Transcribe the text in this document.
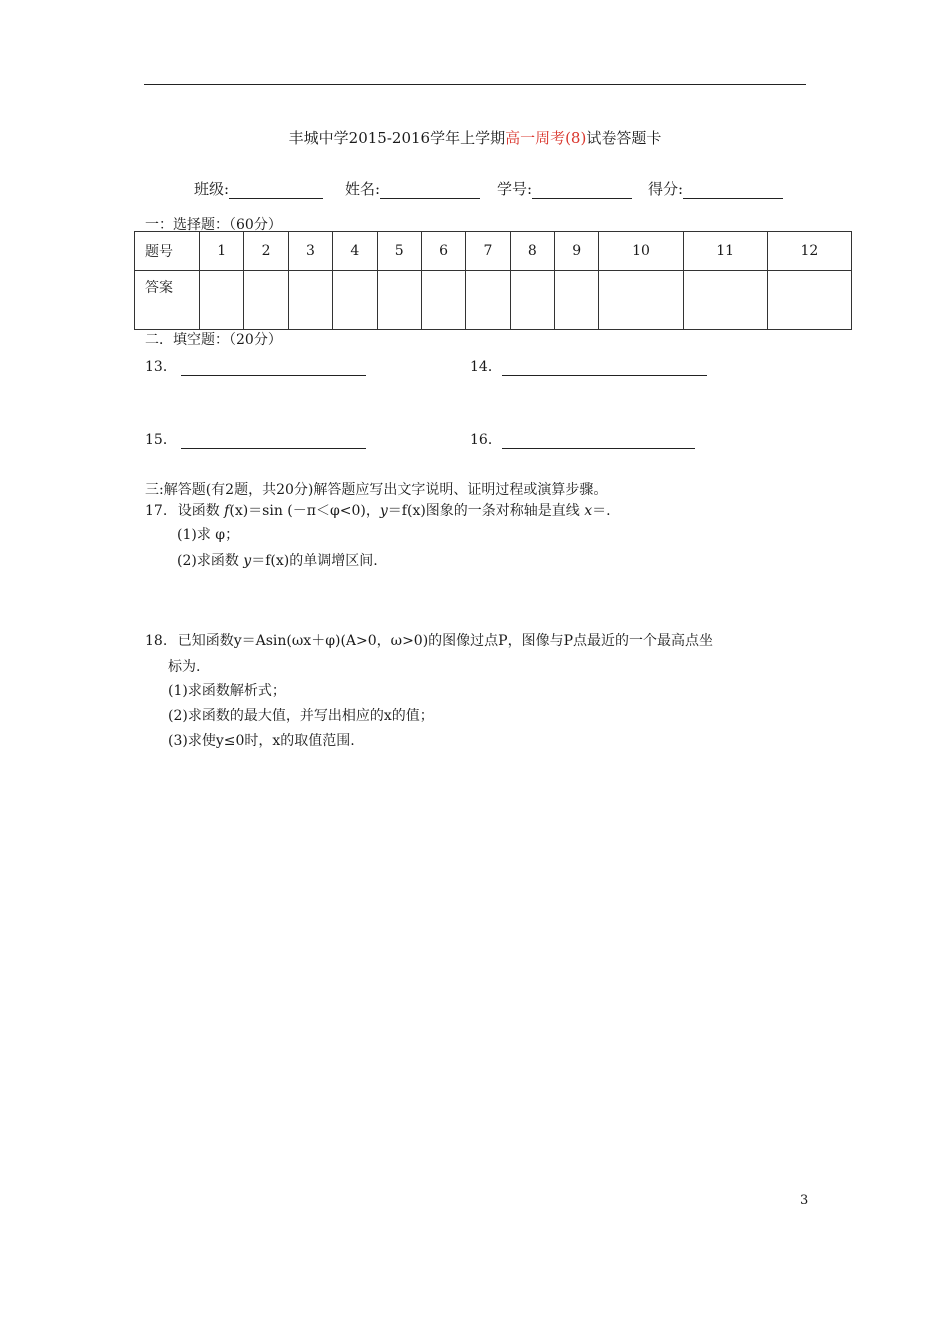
丰城中学2015-2016学年上学期高一周考(8)试卷答题卡
班级:	姓名:	学号:	得分:
一：选择题：（60分）
题号	1	2	3	4	5	6	7	8	9	10	11	12
答案												
二．填空题：（20分）
13．	14．
15．	16．
三:解答题(有2题，共20分)解答题应写出文字说明、证明过程或演算步骤。
17. 设函数 f(x)＝sin (－π＜φ<0)，y＝f(x)图象的一条对称轴是直线 x＝.
(1)求 φ；
(2)求函数 y＝f(x)的单调增区间.
18. 已知函数y＝Asin(ωx＋φ)(A>0，ω>0)的图像过点P，图像与P点最近的一个最高点坐
标为.
(1)求函数解析式；
(2)求函数的最大值，并写出相应的x的值；
(3)求使y≤0时，x的取值范围.
3
